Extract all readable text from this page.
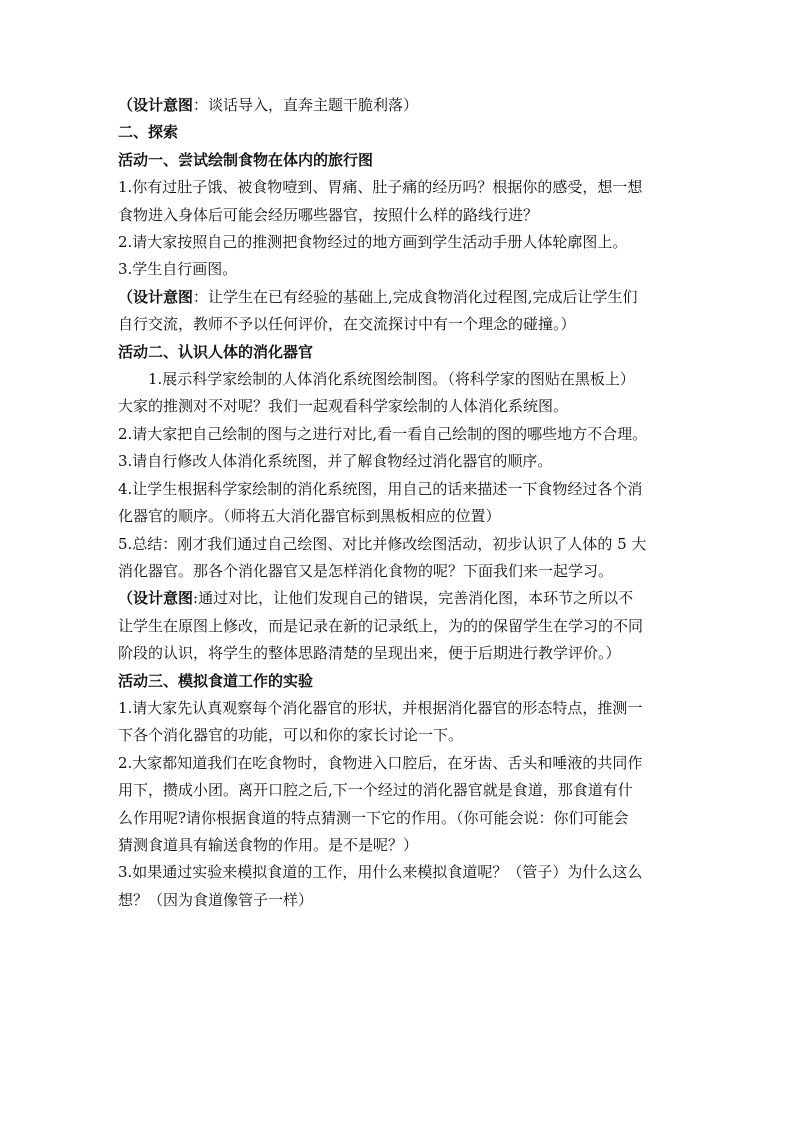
（设计意图：谈话导入，直奔主题干脆利落）
二、探索
活动一、尝试绘制食物在体内的旅行图
1.你有过肚子饿、被食物噎到、胃痛、肚子痛的经历吗？根据你的感受，想一想
食物进入身体后可能会经历哪些器官，按照什么样的路线行进？
2.请大家按照自己的推测把食物经过的地方画到学生活动手册人体轮廓图上。
3.学生自行画图。
（设计意图：让学生在已有经验的基础上,完成食物消化过程图,完成后让学生们
自行交流，教师不予以任何评价，在交流探讨中有一个理念的碰撞。）
活动二、认识人体的消化器官
1.展示科学家绘制的人体消化系统图绘制图。（将科学家的图贴在黑板上）
大家的推测对不对呢？我们一起观看科学家绘制的人体消化系统图。
2.请大家把自己绘制的图与之进行对比,看一看自己绘制的图的哪些地方不合理。
3.请自行修改人体消化系统图，并了解食物经过消化器官的顺序。
4.让学生根据科学家绘制的消化系统图，用自己的话来描述一下食物经过各个消
化器官的顺序。（师将五大消化器官标到黑板相应的位置）
5.总结：刚才我们通过自己绘图、对比并修改绘图活动，初步认识了人体的 5 大
消化器官。那各个消化器官又是怎样消化食物的呢？下面我们来一起学习。
（设计意图:通过对比，让他们发现自己的错误，完善消化图，本环节之所以不
让学生在原图上修改，而是记录在新的记录纸上，为的的保留学生在学习的不同
阶段的认识，将学生的整体思路清楚的呈现出来，便于后期进行教学评价。）
活动三、模拟食道工作的实验
1.请大家先认真观察每个消化器官的形状，并根据消化器官的形态特点，推测一
下各个消化器官的功能，可以和你的家长讨论一下。
2.大家都知道我们在吃食物时，食物进入口腔后，在牙齿、舌头和唾液的共同作
用下，攒成小团。离开口腔之后,下一个经过的消化器官就是食道，那食道有什
么作用呢?请你根据食道的特点猜测一下它的作用。（你可能会说：你们可能会
猜测食道具有输送食物的作用。是不是呢？）
3.如果通过实验来模拟食道的工作，用什么来模拟食道呢？（管子）为什么这么
想？（因为食道像管子一样）
